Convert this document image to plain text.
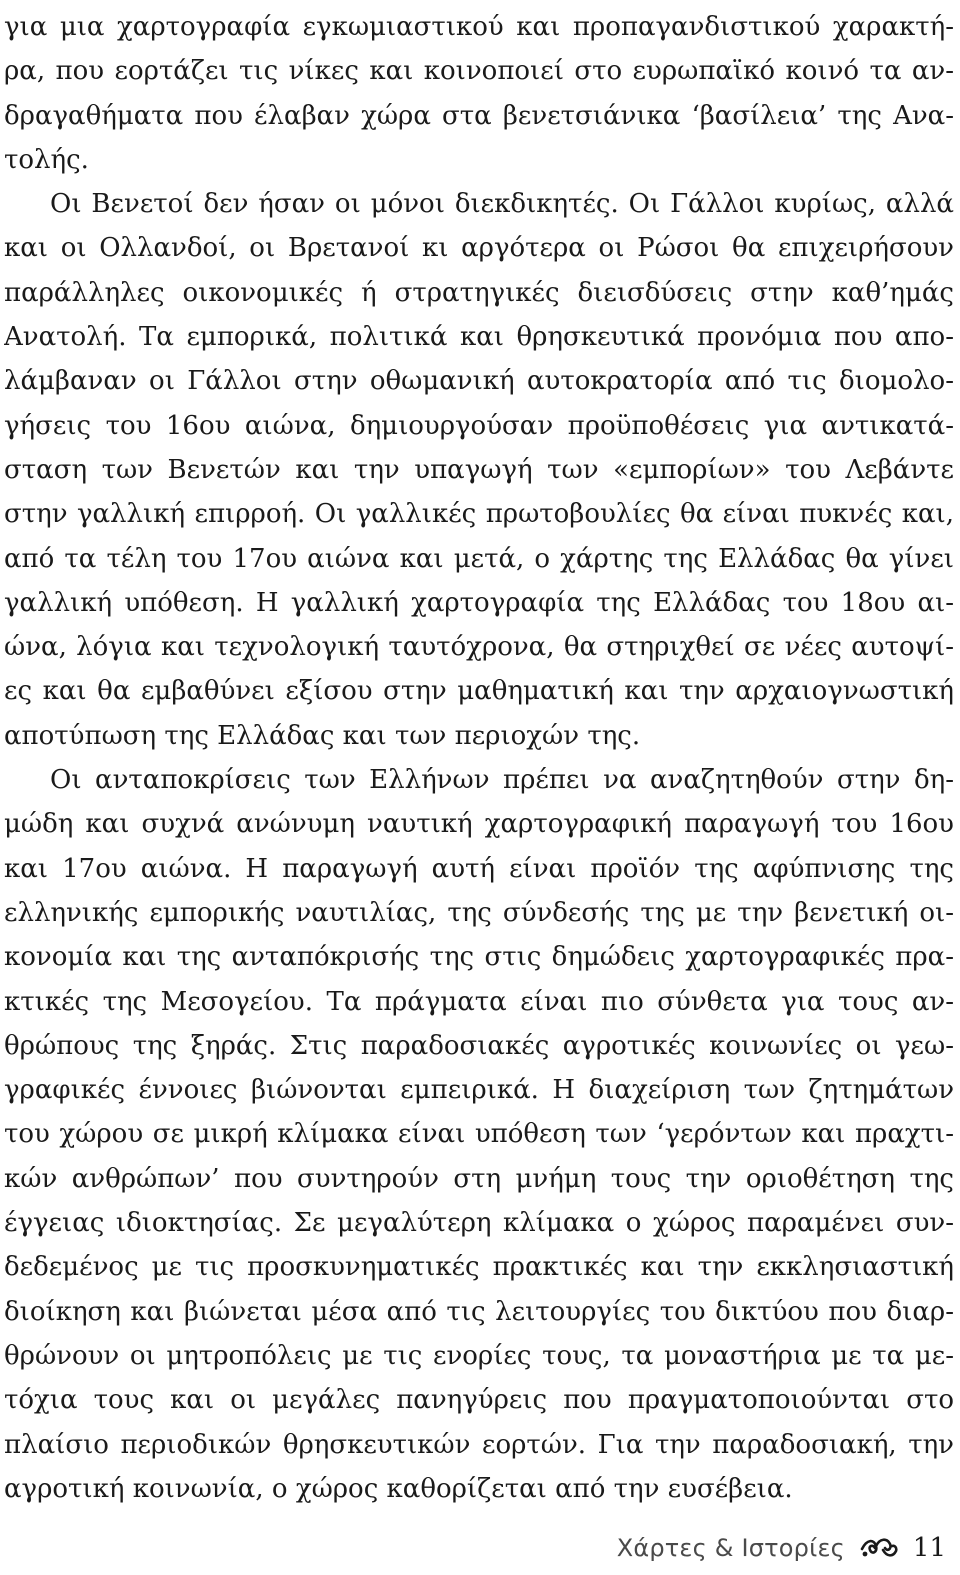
για μια χαρτογραφία εγκωμιαστικού και προπαγανδιστικού χαρακτή-
ρα, που εορτάζει τις νίκες και κοινοποιεί στο ευρωπαϊκό κοινό τα αν-
δραγαθήματα που έλαβαν χώρα στα βενετσιάνικα ‘βασίλεια’ της Ανα-
τολής.
Οι Βενετοί δεν ήσαν οι μόνοι διεκδικητές. Οι Γάλλοι κυρίως, αλλά
και οι Ολλανδοί, οι Βρετανοί κι αργότερα οι Ρώσοι θα επιχειρήσουν
παράλληλες οικονομικές ή στρατηγικές διεισδύσεις στην καθ’ημάς
Ανατολή. Τα εμπορικά, πολιτικά και θρησκευτικά προνόμια που απο-
λάμβαναν οι Γάλλοι στην οθωμανική αυτοκρατορία από τις διομολο-
γήσεις του 16ου αιώνα, δημιουργούσαν προϋποθέσεις για αντικατά-
σταση των Βενετών και την υπαγωγή των «εμπορίων» του Λεβάντε
στην γαλλική επιρροή. Οι γαλλικές πρωτοβουλίες θα είναι πυκνές και,
από τα τέλη του 17ου αιώνα και μετά, ο χάρτης της Ελλάδας θα γίνει
γαλλική υπόθεση. Η γαλλική χαρτογραφία της Ελλάδας του 18ου αι-
ώνα, λόγια και τεχνολογική ταυτόχρονα, θα στηριχθεί σε νέες αυτοψί-
ες και θα εμβαθύνει εξίσου στην μαθηματική και την αρχαιογνωστική
αποτύπωση της Ελλάδας και των περιοχών της.
Οι ανταποκρίσεις των Ελλήνων πρέπει να αναζητηθούν στην δη-
μώδη και συχνά ανώνυμη ναυτική χαρτογραφική παραγωγή του 16ου
και 17ου αιώνα. Η παραγωγή αυτή είναι προϊόν της αφύπνισης της
ελληνικής εμπορικής ναυτιλίας, της σύνδεσής της με την βενετική οι-
κονομία και της ανταπόκρισής της στις δημώδεις χαρτογραφικές πρα-
κτικές της Μεσογείου. Τα πράγματα είναι πιο σύνθετα για τους αν-
θρώπους της ξηράς. Στις παραδοσιακές αγροτικές κοινωνίες οι γεω-
γραφικές έννοιες βιώνονται εμπειρικά. Η διαχείριση των ζητημάτων
του χώρου σε μικρή κλίμακα είναι υπόθεση των ‘γερόντων και πραχτι-
κών ανθρώπων’ που συντηρούν στη μνήμη τους την οριοθέτηση της
έγγειας ιδιοκτησίας. Σε μεγαλύτερη κλίμακα ο χώρος παραμένει συν-
δεδεμένος με τις προσκυνηματικές πρακτικές και την εκκλησιαστική
διοίκηση και βιώνεται μέσα από τις λειτουργίες του δικτύου που διαρ-
θρώνουν οι μητροπόλεις με τις ενορίες τους, τα μοναστήρια με τα με-
τόχια τους και οι μεγάλες πανηγύρεις που πραγματοποιούνται στο
πλαίσιο περιοδικών θρησκευτικών εορτών. Για την παραδοσιακή, την
αγροτική κοινωνία, ο χώρος καθορίζεται από την ευσέβεια.
Χάρτες & Ιστορίες	11
